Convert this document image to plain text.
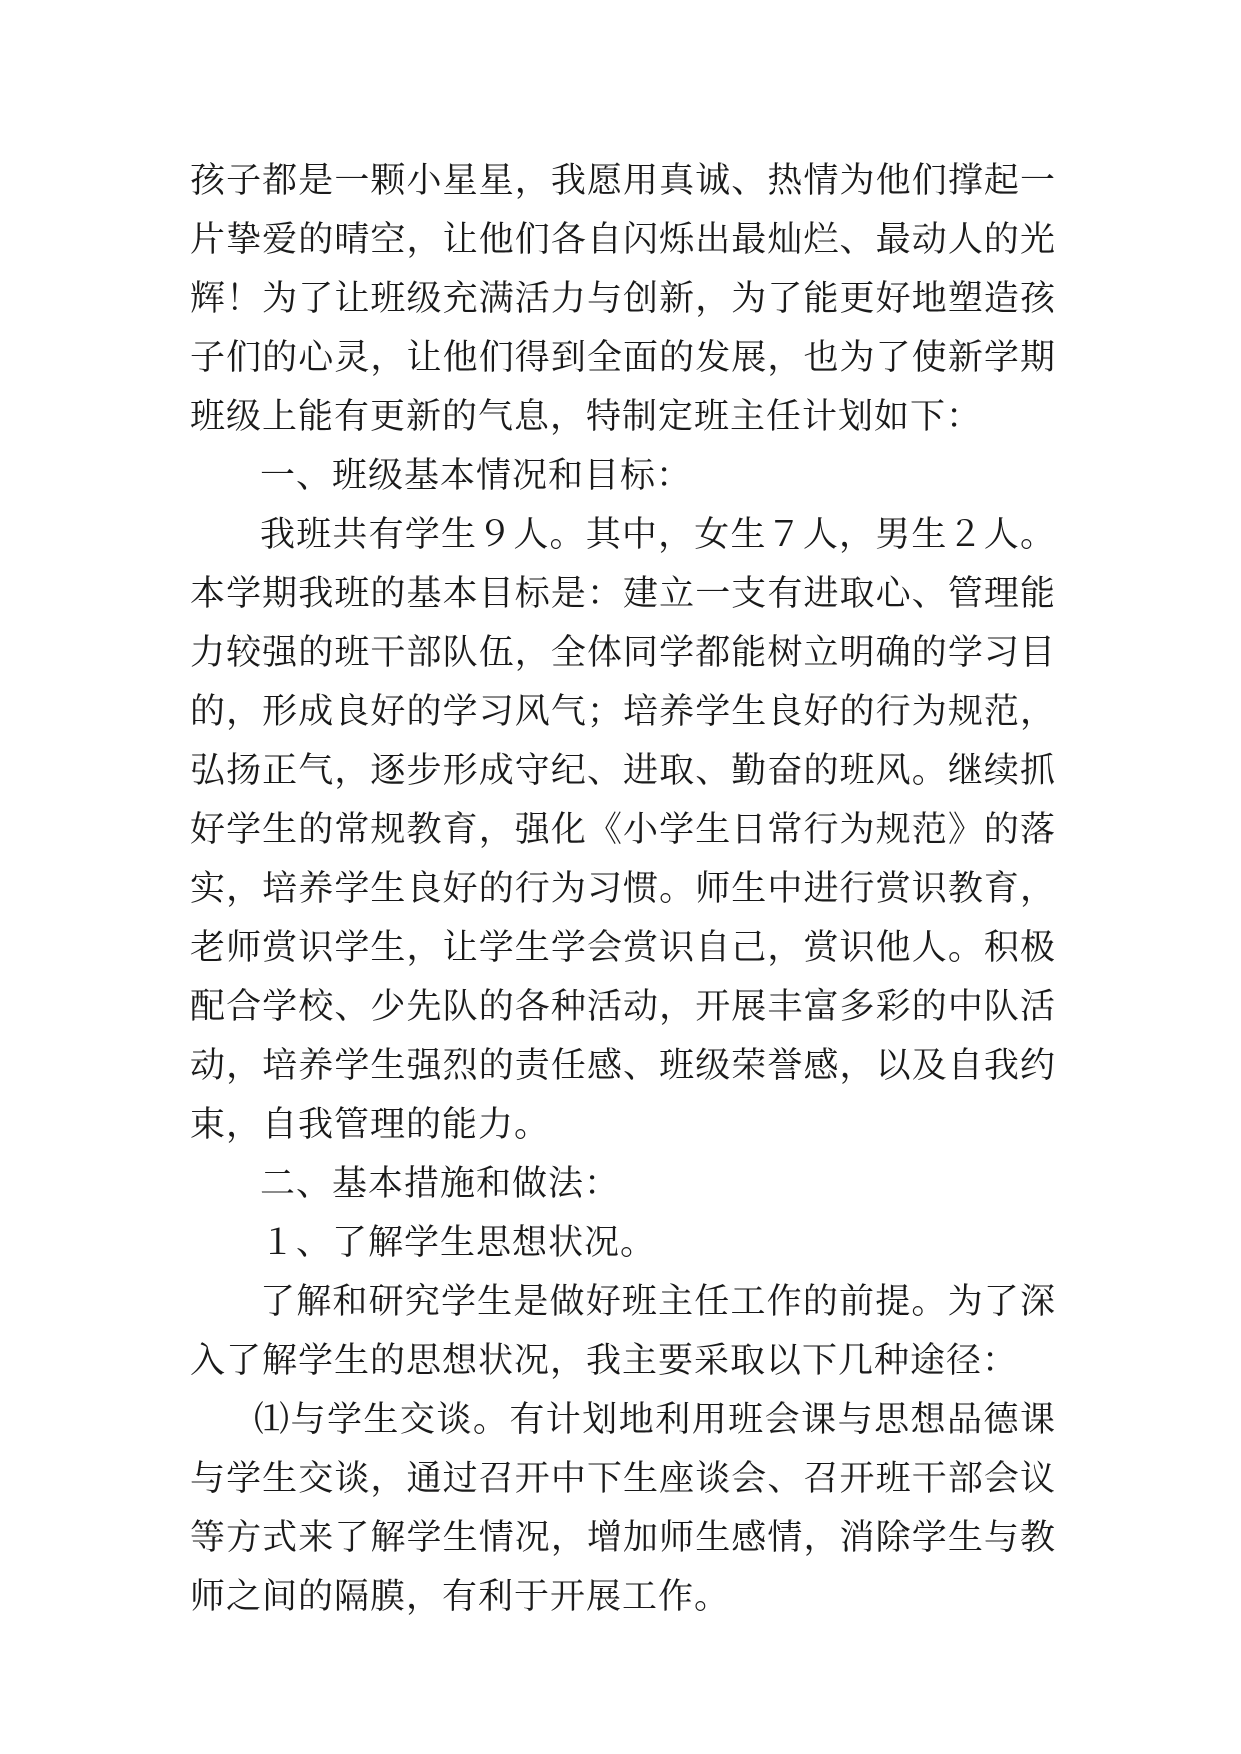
孩子都是一颗小星星，我愿用真诚、热情为他们撑起一片挚爱的晴空，让他们各自闪烁出最灿烂、最动人的光辉！为了让班级充满活力与创新，为了能更好地塑造孩子们的心灵，让他们得到全面的发展，也为了使新学期班级上能有更新的气息，特制定班主任计划如下：

一、班级基本情况和目标：

我班共有学生９人。其中，女生７人，男生２人。本学期我班的基本目标是：建立一支有进取心、管理能力较强的班干部队伍，全体同学都能树立明确的学习目的，形成良好的学习风气；培养学生良好的行为规范，弘扬正气，逐步形成守纪、进取、勤奋的班风。继续抓好学生的常规教育，强化《小学生日常行为规范》的落实，培养学生良好的行为习惯。师生中进行赏识教育，老师赏识学生，让学生学会赏识自己，赏识他人。积极配合学校、少先队的各种活动，开展丰富多彩的中队活动，培养学生强烈的责任感、班级荣誉感，以及自我约束，自我管理的能力。

二、基本措施和做法：

１、了解学生思想状况。

了解和研究学生是做好班主任工作的前提。为了深入了解学生的思想状况，我主要采取以下几种途径：

⑴与学生交谈。有计划地利用班会课与思想品德课与学生交谈，通过召开中下生座谈会、召开班干部会议等方式来了解学生情况，增加师生感情，消除学生与教师之间的隔膜，有利于开展工作。
